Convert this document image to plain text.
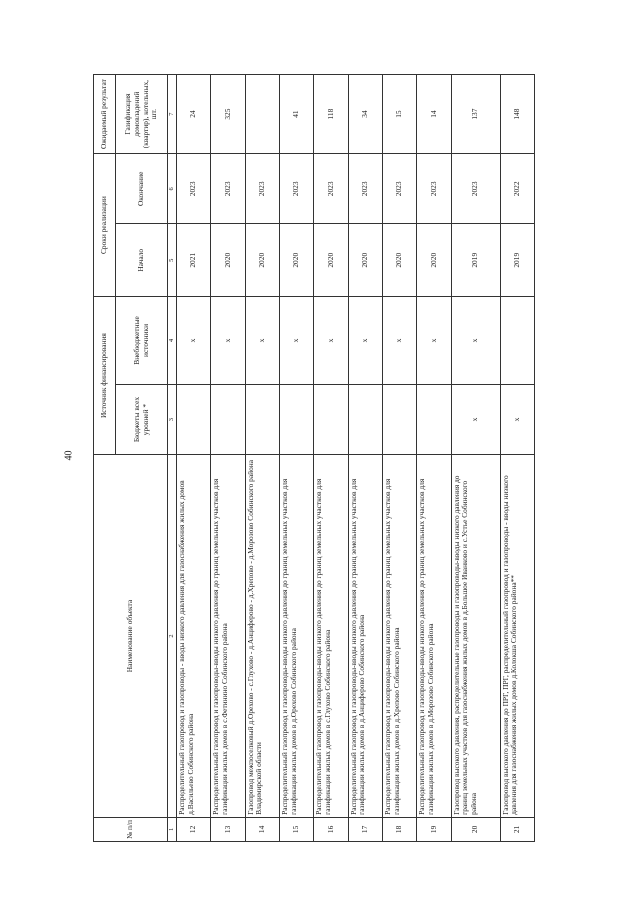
40
№ п/п	Наименование объекта	Источник финансирования		Сроки реализации		Ожидаемый результат
		Бюджеты всех уровней *	Внебюджетные источники	Начало	Окончание	Газификация домовладений (квартир), котельных, шт.
1	2	3	4	5	6	7
12	Распределительный газопровод и газопроводы - вводы низкого давления для газоснабжения жилых домов д.Васильево Собинского района		x	2021	2023	24
13	Распределительный газопровод и газопроводы-вводы низкого давления до границ земельных участков для газификации жилых домов в с.Фетинино Собинского района		x	2020	2023	325
14	Газопровод межпоселковый д.Орехово - с.Глухово - д.Анциферово - д.Хрепово - д.Морозово Собинского района Владимирской области		x	2020	2023	
15	Распределительный газопровод и газопроводы-вводы низкого давления до границ земельных участков для газификации жилых домов в д.Орехово Собинского района		x	2020	2023	41
16	Распределительный газопровод и газопроводы-вводы низкого давления до границ земельных участков для газификации жилых домов в с.Глухово Собинского района		x	2020	2023	118
17	Распределительный газопровод и газопроводы-вводы низкого давления до границ земельных участков для газификации жилых домов в д.Анциферово Собинского района		x	2020	2023	34
18	Распределительный газопровод и газопроводы-вводы низкого давления до границ земельных участков для газификации жилых домов в д.Хрепово Собинского района		x	2020	2023	15
19	Распределительный газопровод и газопроводы-вводы низкого давления до границ земельных участков для газификации жилых домов в д.Морозово Собинского района		x	2020	2023	14
20	Газопровод высокого давления, распределительные газопроводы и газопроводы-вводы низкого давления до границ земельных участков для газоснабжения жилых домов в д.Большое Иванково и с.Устье Собинского района	x	x	2019	2023	137
21	Газопровод высокого давления до ПРГ, ПРГ, распределительный газопровод и газопроводы - вводы низкого давления для газоснабжения жилых домов д.Колокша Собинского района**	x		2019	2022	148
